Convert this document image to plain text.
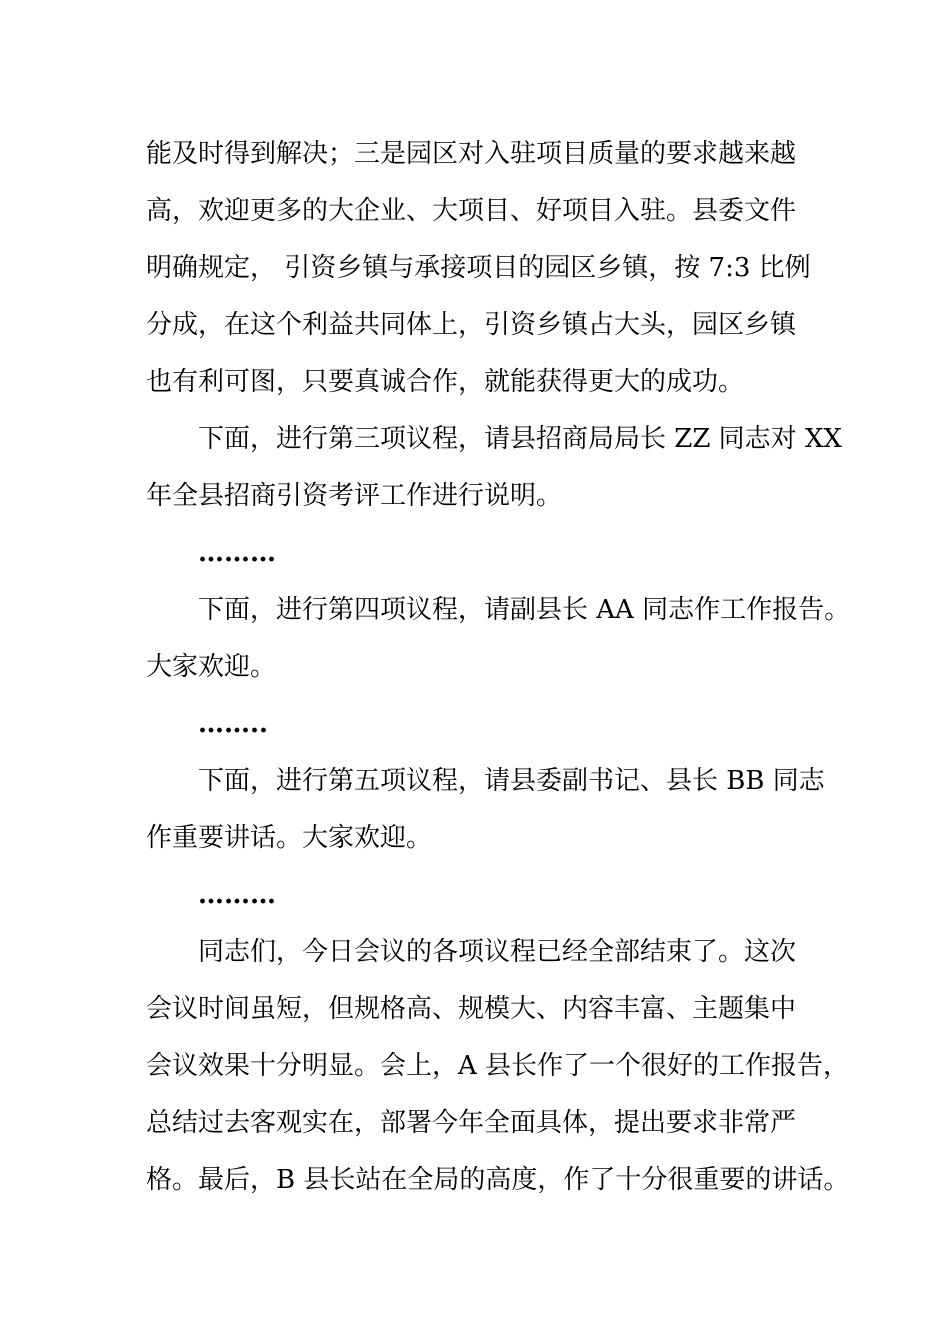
能及时得到解决；三是园区对入驻项目质量的要求越来越
高，欢迎更多的大企业、大项目、好项目入驻。县委文件
明确规定， 引资乡镇与承接项目的园区乡镇，按 7:3 比例
分成，在这个利益共同体上，引资乡镇占大头，园区乡镇
也有利可图，只要真诚合作，就能获得更大的成功。
下面，进行第三项议程，请县招商局局长 ZZ 同志对 XX
年全县招商引资考评工作进行说明。
………
下面，进行第四项议程，请副县长 AA 同志作工作报告。
大家欢迎。
……..
下面，进行第五项议程，请县委副书记、县长 BB 同志
作重要讲话。大家欢迎。
………
同志们，今日会议的各项议程已经全部结束了。这次
会议时间虽短，但规格高、规模大、内容丰富、主题集中
会议效果十分明显。会上，A 县长作了一个很好的工作报告，
总结过去客观实在，部署今年全面具体，提出要求非常严
格。最后，B 县长站在全局的高度，作了十分很重要的讲话。
